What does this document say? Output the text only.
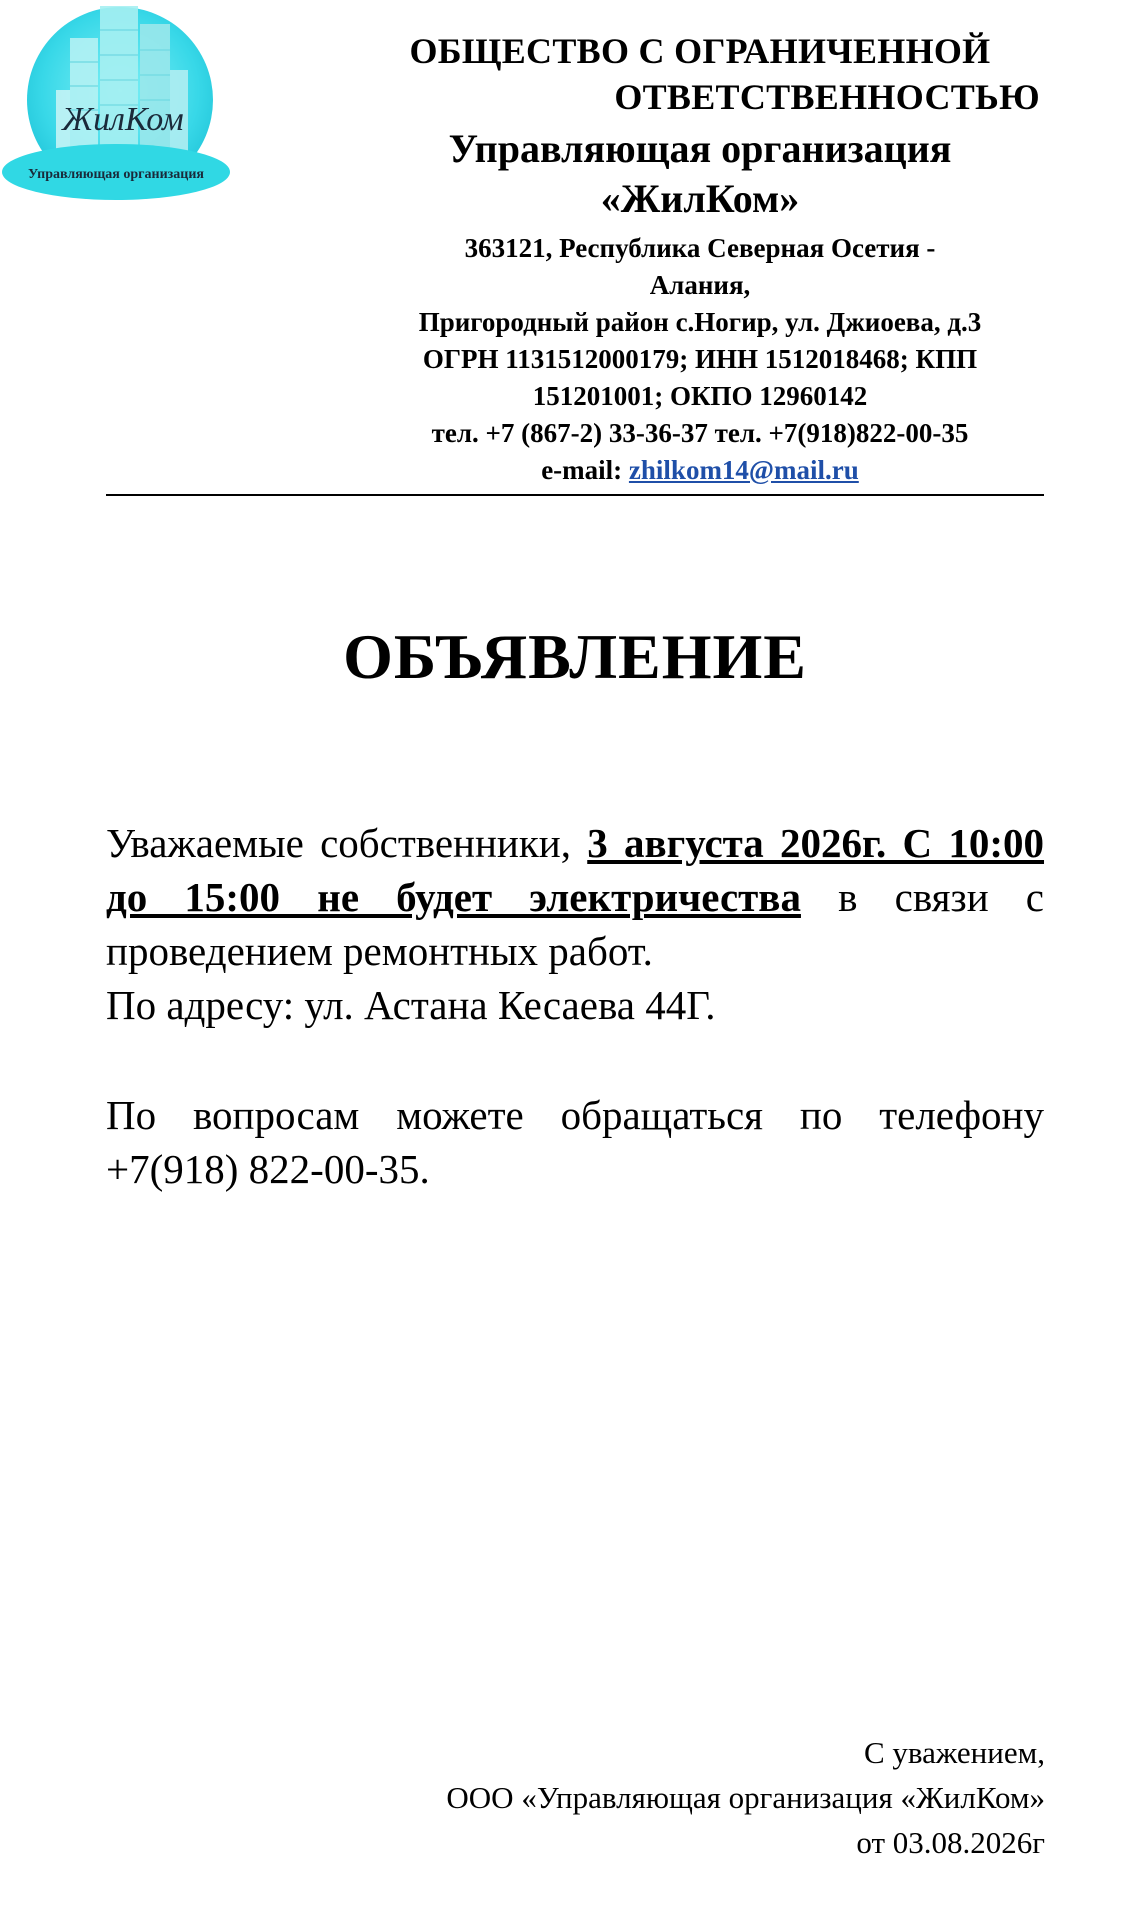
ЖилКом
Управляющая организация
ОБЩЕСТВО С ОГРАНИЧЕННОЙ
ОТВЕТСТВЕННОСТЬЮ
Управляющая организация
«ЖилКом»
363121, Республика Северная Осетия -
Алания,
Пригородный район с.Ногир, ул. Джиоева, д.3
ОГРН 1131512000179; ИНН 1512018468; КПП
151201001; ОКПО 12960142
тел. +7 (867-2) 33-36-37 тел. +7(918)822-00-35
e-mail: zhilkom14@mail.ru
ОБЪЯВЛЕНИЕ

Уважаемые собственники, 3 августа 2026г. С 10:00 до 15:00 не будет электричества в связи с проведением ремонтных работ.

По адресу: ул. Астана Кесаева 44Г.

По вопросам можете обращаться по телефону +7(918) 822-00-35.

С уважением,
ООО «Управляющая организация «ЖилКом»
от 03.08.2026г
